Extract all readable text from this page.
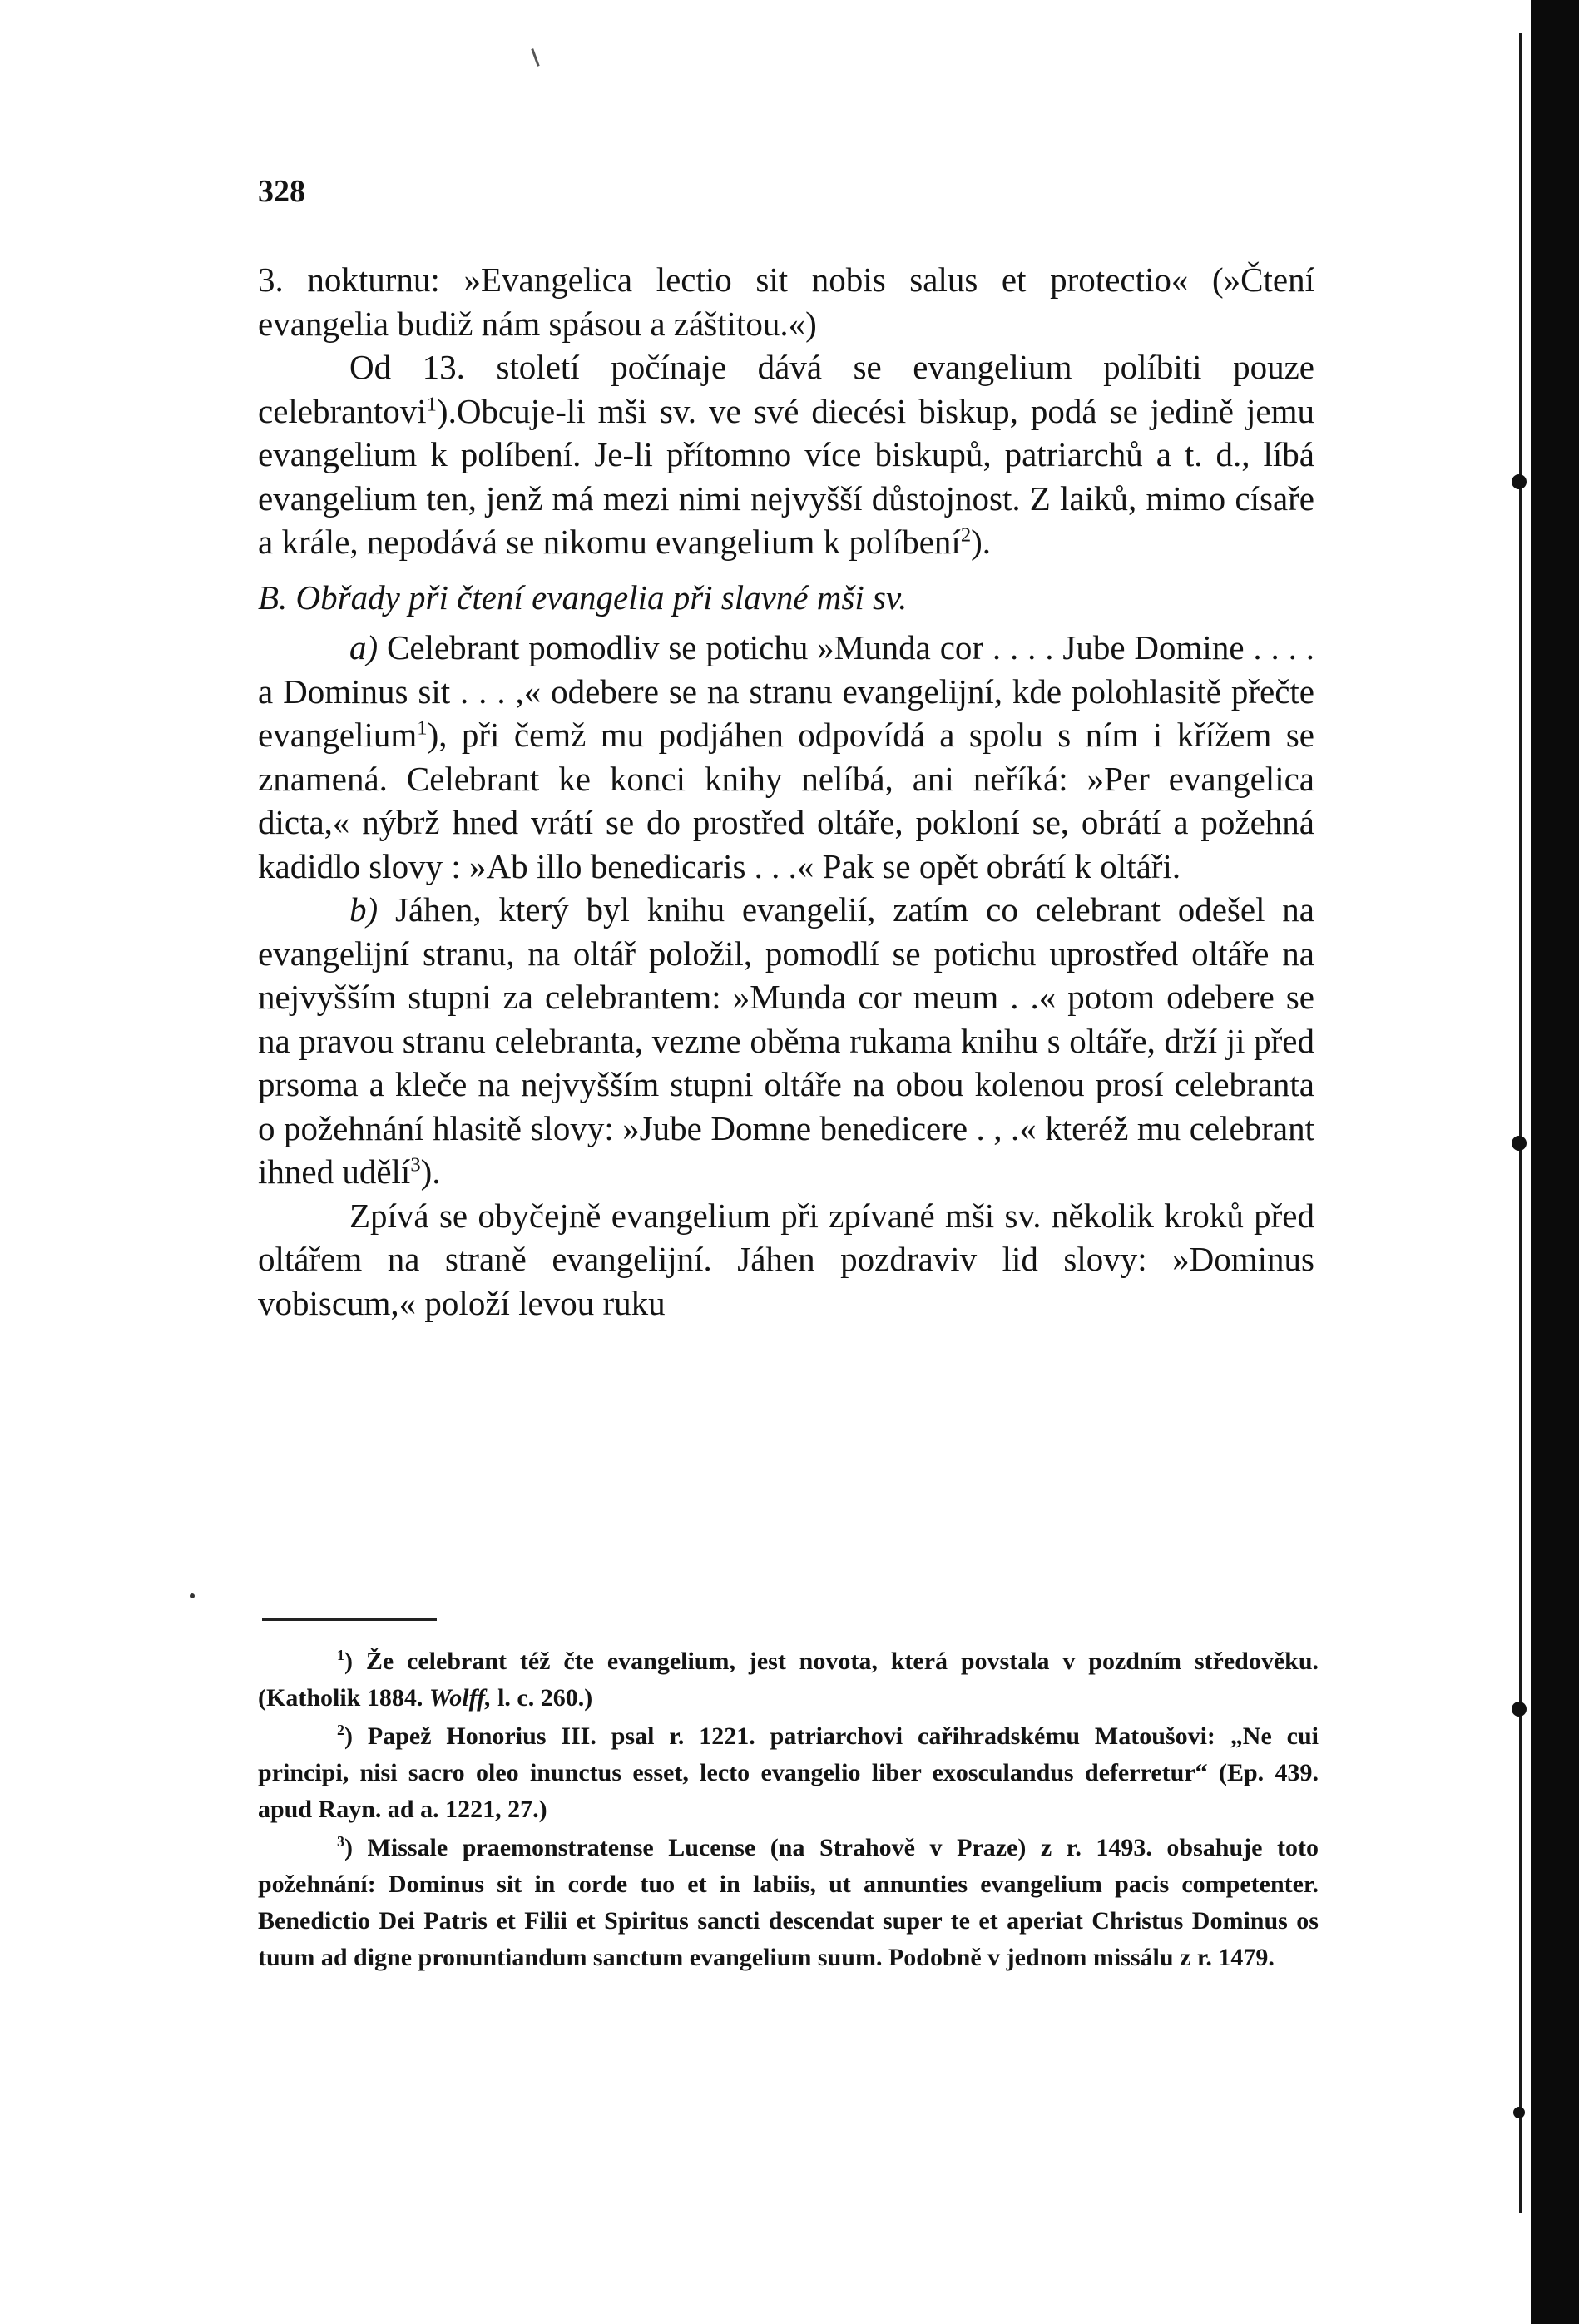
328

3. nokturnu: »Evangelica lectio sit nobis salus et protectio« (»Čtení evangelia budiž nám spásou a záštitou.«)

Od 13. století počínaje dává se evangelium políbiti pouze celebrantovi$^1$).Obcuje-li mši sv. ve své diecési biskup, podá se jedině jemu evangelium k políbení. Je-li přítomno více biskupů, patriarchů a t. d., líbá evangelium ten, jenž má mezi nimi nejvyšší důstojnost. Z laiků, mimo císaře a krále, nepodává se nikomu evangelium k políbení$^2$).

B. Obřady při čtení evangelia při slavné mši sv.

a) Celebrant pomodliv se potichu »Munda cor . . . . Jube Domine . . . . a Dominus sit . . . ,« odebere se na stranu evangelijní, kde polohlasitě přečte evangelium$^1$), při čemž mu podjáhen odpovídá a spolu s ním i křížem se znamená. Celebrant ke konci knihy nelíbá, ani neříká: »Per evangelica dicta,« nýbrž hned vrátí se do prostřed oltáře, pokloní se, obrátí a požehná kadidlo slovy : »Ab illo benedicaris . . .« Pak se opět obrátí k oltáři.

b) Jáhen, který byl knihu evangelií, zatím co celebrant odešel na evangelijní stranu, na oltář položil, pomodlí se potichu uprostřed oltáře na nejvyšším stupni za celebrantem: »Munda cor meum . .« potom odebere se na pravou stranu celebranta, vezme oběma rukama knihu s oltáře, drží ji před prsoma a kleče na nejvyšším stupni oltáře na obou kolenou prosí celebranta o požehnání hlasitě slovy: »Jube Domne benedicere . , .« kteréž mu celebrant ihned udělí$^3$).

Zpívá se obyčejně evangelium při zpívané mši sv. několik kroků před oltářem na straně evangelijní. Jáhen pozdraviv lid slovy: »Dominus vobiscum,« položí levou ruku

$^1$) Že celebrant též čte evangelium, jest novota, která povstala v pozdním středověku. (Katholik 1884. Wolff, l. c. 260.)

$^2$) Papež Honorius III. psal r. 1221. patriarchovi cařihradskému Matoušovi: „Ne cui principi, nisi sacro oleo inunctus esset, lecto evangelio liber exosculandus deferretur“ (Ep. 439. apud Rayn. ad a. 1221, 27.)

$^3$) Missale praemonstratense Lucense (na Strahově v Praze) z r. 1493. obsahuje toto požehnání: Dominus sit in corde tuo et in labiis, ut annunties evangelium pacis competenter. Benedictio Dei Patris et Filii et Spiritus sancti descendat super te et aperiat Christus Dominus os tuum ad digne pronuntiandum sanctum evangelium suum. Podobně v jednom missálu z r. 1479.
